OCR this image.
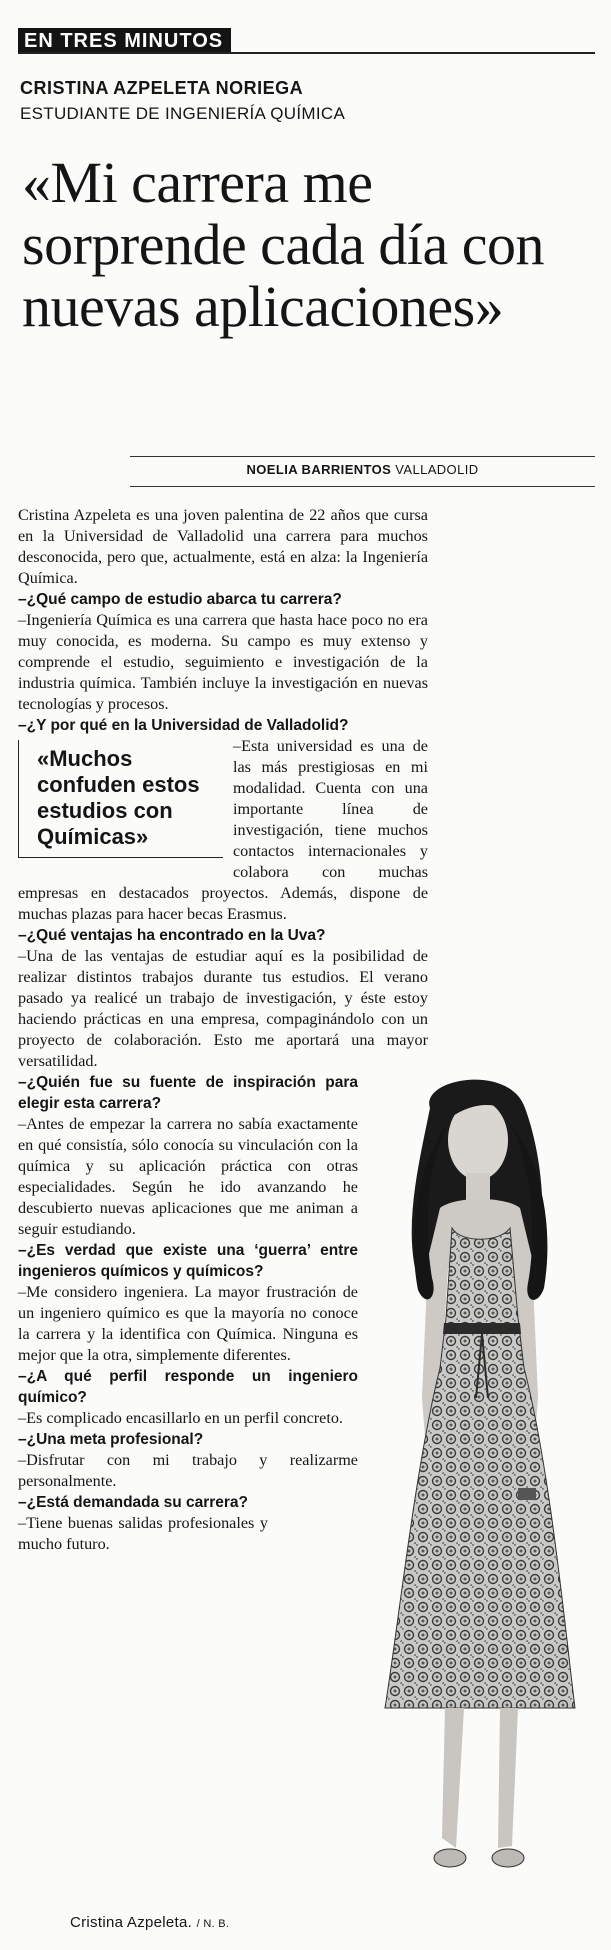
EN TRES MINUTOS
CRISTINA AZPELETA NORIEGA
ESTUDIANTE DE INGENIERÍA QUÍMICA
«Mi carrera me sorprende cada día con nuevas aplicaciones»
NOELIA BARRIENTOS VALLADOLID

Cristina Azpeleta es una joven palentina de 22 años que cursa en la Universidad de Valladolid una carrera para muchos desconocida, pero que, actualmente, está en alza: la Ingeniería Química.

–¿Qué campo de estudio abarca tu carrera?

–Ingeniería Química es una carrera que hasta hace poco no era muy conocida, es moderna. Su campo es muy extenso y comprende el estudio, seguimiento e investigación de la industria química. También incluye la investigación en nuevas tecnologías y procesos.

–¿Y por qué en la Universidad de Valladolid?

«Muchos confuden estos estudios con Químicas»

–Esta universidad es una de las más prestigiosas en mi modalidad. Cuenta con una importante línea de investigación, tiene muchos contactos internacionales y colabora con muchas empresas en destacados proyectos. Además, dispone de muchas plazas para hacer becas Erasmus.

–¿Qué ventajas ha encontrado en la Uva?

–Una de las ventajas de estudiar aquí es la posibilidad de realizar distintos trabajos durante tus estudios. El verano pasado ya realicé un trabajo de investigación, y éste estoy haciendo prácticas en una empresa, compaginándolo con un proyecto de colaboración. Esto me aportará una mayor versatilidad.

–¿Quién fue su fuente de inspiración para elegir esta carrera?

–Antes de empezar la carrera no sabía exactamente en qué consistía, sólo conocía su vinculación con la química y su aplicación práctica con otras especialidades. Según he ido avanzando he descubierto nuevas aplicaciones que me animan a seguir estudiando.

–¿Es verdad que existe una ‘guerra’ entre ingenieros químicos y químicos?

–Me considero ingeniera. La mayor frustración de un ingeniero químico es que la mayoría no conoce la carrera y la identifica con Química. Ninguna es mejor que la otra, simplemente diferentes.

–¿A qué perfil responde un ingeniero químico?

–Es complicado encasillarlo en un perfil concreto.

–¿Una meta profesional?

–Disfrutar con mi trabajo y realizarme personalmente.

–¿Está demandada su carrera?

–Tiene buenas salidas profesionales y mucho futuro.

Cristina Azpeleta. / N. B.
